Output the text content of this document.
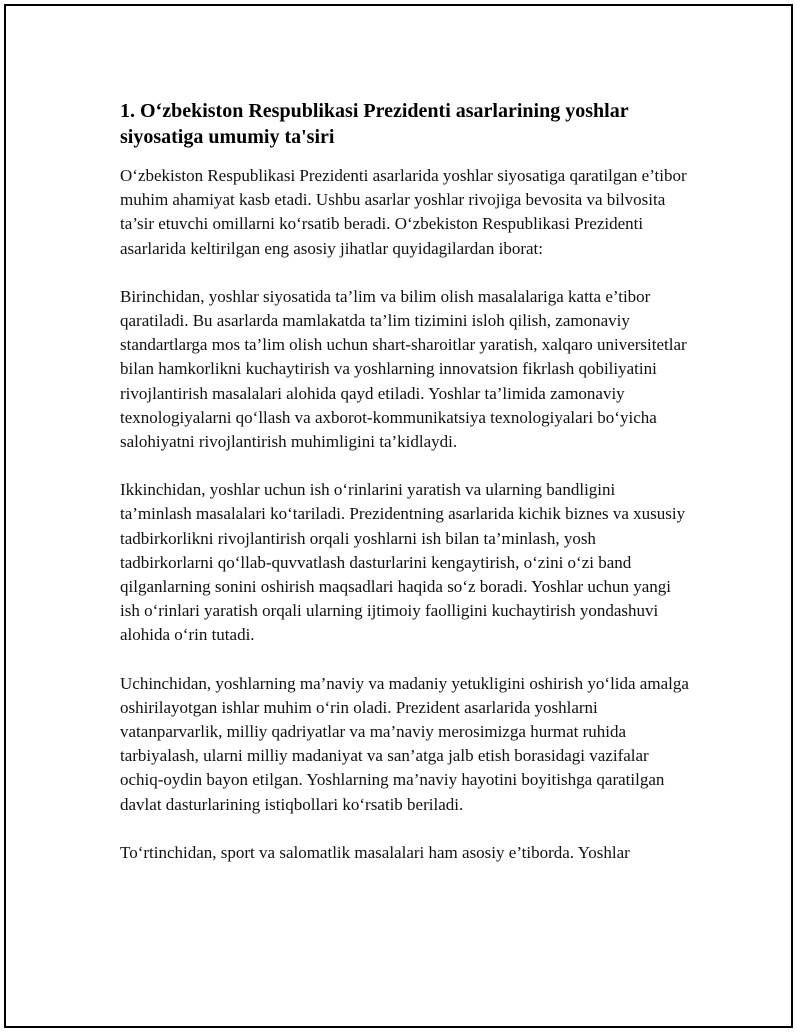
1. O‘zbekiston Respublikasi Prezidenti asarlarining yoshlar siyosatiga umumiy ta'siri

O‘zbekiston Respublikasi Prezidenti asarlarida yoshlar siyosatiga qaratilgan e’tibor muhim ahamiyat kasb etadi. Ushbu asarlar yoshlar rivojiga bevosita va bilvosita ta’sir etuvchi omillarni ko‘rsatib beradi. O‘zbekiston Respublikasi Prezidenti asarlarida keltirilgan eng asosiy jihatlar quyidagilardan iborat:

Birinchidan, yoshlar siyosatida ta’lim va bilim olish masalalariga katta e’tibor qaratiladi. Bu asarlarda mamlakatda ta’lim tizimini isloh qilish, zamonaviy standartlarga mos ta’lim olish uchun shart-sharoitlar yaratish, xalqaro universitetlar bilan hamkorlikni kuchaytirish va yoshlarning innovatsion fikrlash qobiliyatini rivojlantirish masalalari alohida qayd etiladi. Yoshlar ta’limida zamonaviy texnologiyalarni qo‘llash va axborot-kommunikatsiya texnologiyalari bo‘yicha salohiyatni rivojlantirish muhimligini ta’kidlaydi.

Ikkinchidan, yoshlar uchun ish o‘rinlarini yaratish va ularning bandligini ta’minlash masalalari ko‘tariladi. Prezidentning asarlarida kichik biznes va xususiy tadbirkorlikni rivojlantirish orqali yoshlarni ish bilan ta’minlash, yosh tadbirkorlarni qo‘llab-quvvatlash dasturlarini kengaytirish, o‘zini o‘zi band qilganlarning sonini oshirish maqsadlari haqida so‘z boradi. Yoshlar uchun yangi ish o‘rinlari yaratish orqali ularning ijtimoiy faolligini kuchaytirish yondashuvi alohida o‘rin tutadi.

Uchinchidan, yoshlarning ma’naviy va madaniy yetukligini oshirish yo‘lida amalga oshirilayotgan ishlar muhim o‘rin oladi. Prezident asarlarida yoshlarni vatanparvarlik, milliy qadriyatlar va ma’naviy merosimizga hurmat ruhida tarbiyalash, ularni milliy madaniyat va san’atga jalb etish borasidagi vazifalar ochiq-oydin bayon etilgan. Yoshlarning ma’naviy hayotini boyitishga qaratilgan davlat dasturlarining istiqbollari ko‘rsatib beriladi.

To‘rtinchidan, sport va salomatlik masalalari ham asosiy e’tiborda. Yoshlar
